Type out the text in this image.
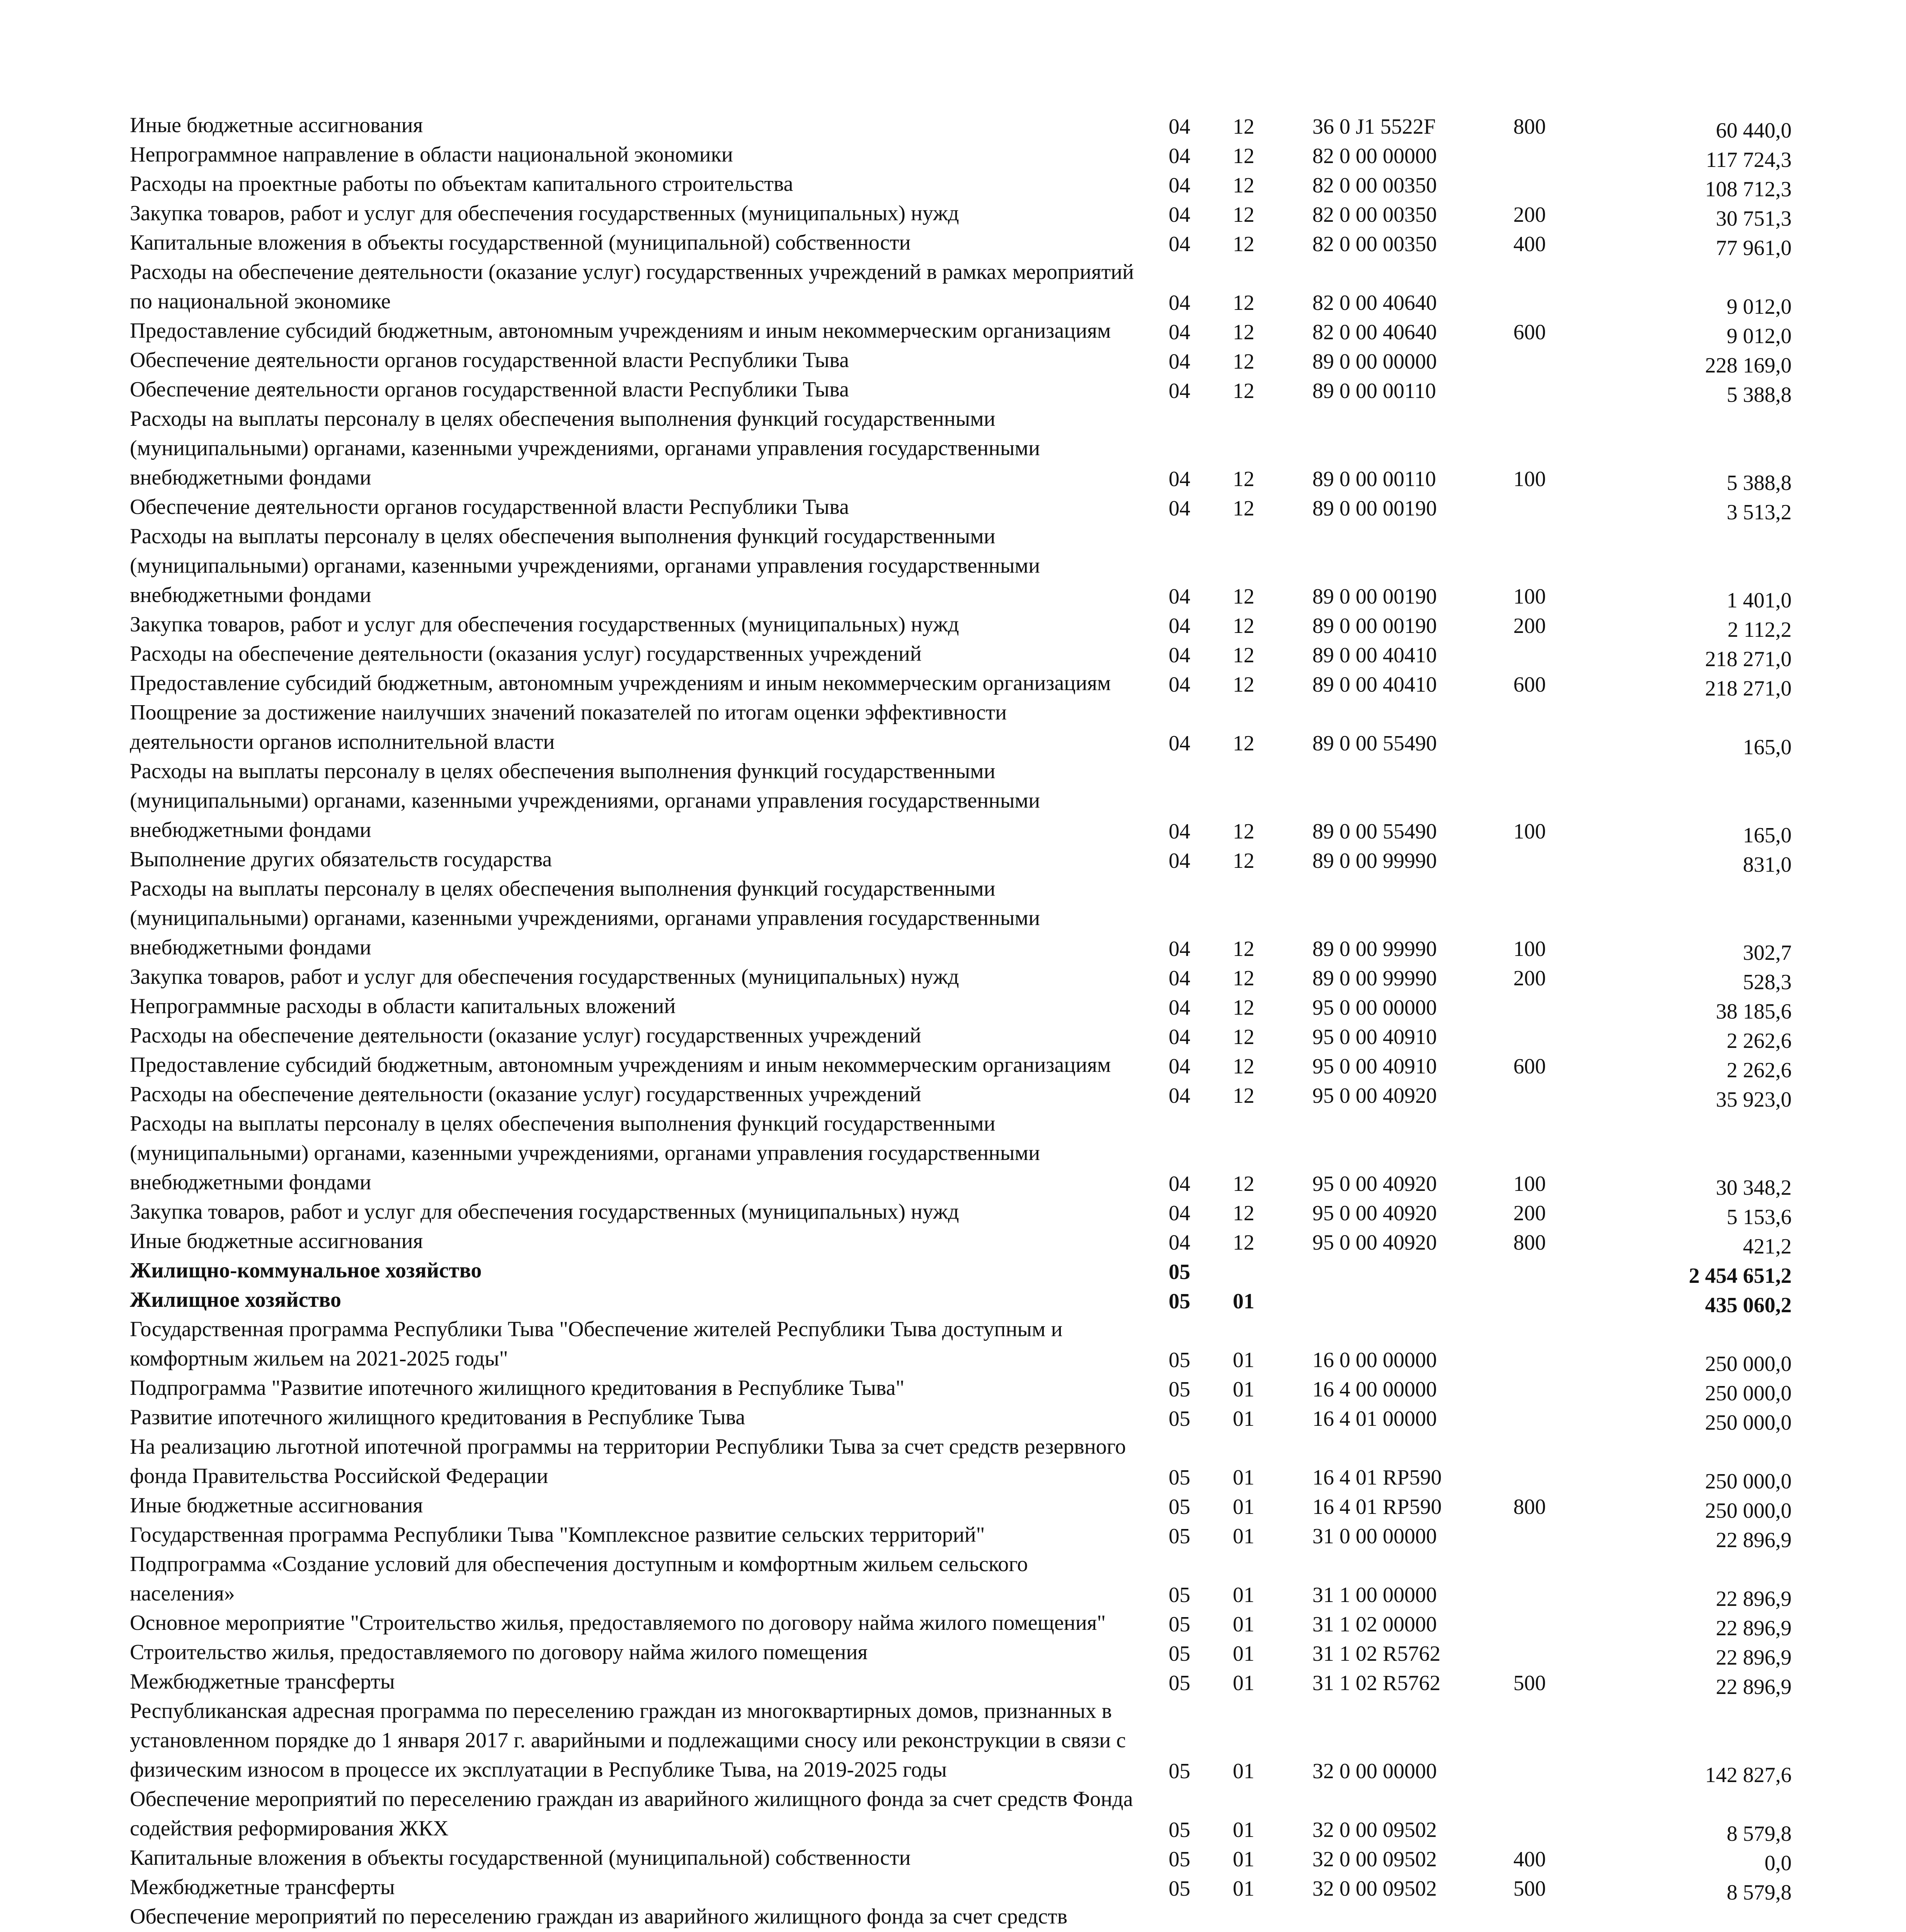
Иные бюджетные ассигнования	04 12	36 0 J1 5522F	800	60 440,0
Непрограммное направление в области национальной экономики	04 12	82 0 00 00000	117 724,3
Расходы на проектные работы по объектам капитального строительства	04 12	82 0 00 00350	108 712,3
Закупка товаров, работ и услуг для обеспечения государственных (муниципальных) нужд	04 12	82 0 00 00350	200	30 751,3
Капитальные вложения в объекты государственной (муниципальной) собственности	04 12	82 0 00 00350	400	77 961,0
Расходы на обеспечение деятельности (оказание услуг) государственных учреждений в рамках мероприятий по национальной экономике	04 12	82 0 00 40640	9 012,0
Предоставление субсидий бюджетным, автономным учреждениям и иным некоммерческим организациям	04 12	82 0 00 40640	600	9 012,0
Обеспечение деятельности органов государственной власти Республики Тыва	04 12	89 0 00 00000	228 169,0
Обеспечение деятельности органов государственной власти Республики Тыва	04 12	89 0 00 00110	5 388,8
Расходы на выплаты персоналу в целях обеспечения выполнения функций государственными (муниципальными) органами, казенными учреждениями, органами управления государственными внебюджетными фондами	04 12	89 0 00 00110	100	5 388,8
Обеспечение деятельности органов государственной власти Республики Тыва	04 12	89 0 00 00190	3 513,2
Расходы на выплаты персоналу в целях обеспечения выполнения функций государственными (муниципальными) органами, казенными учреждениями, органами управления государственными внебюджетными фондами	04 12	89 0 00 00190	100	1 401,0
Закупка товаров, работ и услуг для обеспечения государственных (муниципальных) нужд	04 12	89 0 00 00190	200	2 112,2
Расходы на обеспечение деятельности (оказания услуг) государственных учреждений	04 12	89 0 00 40410	218 271,0
Предоставление субсидий бюджетным, автономным учреждениям и иным некоммерческим организациям	04 12	89 0 00 40410	600	218 271,0
Поощрение за достижение наилучших значений показателей по итогам оценки эффективности деятельности органов исполнительной власти	04 12	89 0 00 55490	165,0
Расходы на выплаты персоналу в целях обеспечения выполнения функций государственными (муниципальными) органами, казенными учреждениями, органами управления государственными внебюджетными фондами	04 12	89 0 00 55490	100	165,0
Выполнение других обязательств государства	04 12	89 0 00 99990	831,0
Расходы на выплаты персоналу в целях обеспечения выполнения функций государственными (муниципальными) органами, казенными учреждениями, органами управления государственными внебюджетными фондами	04 12	89 0 00 99990	100	302,7
Закупка товаров, работ и услуг для обеспечения государственных (муниципальных) нужд	04 12	89 0 00 99990	200	528,3
Непрограммные расходы в области капитальных вложений	04 12	95 0 00 00000	38 185,6
Расходы на обеспечение деятельности (оказание услуг) государственных учреждений	04 12	95 0 00 40910	2 262,6
Предоставление субсидий бюджетным, автономным учреждениям и иным некоммерческим организациям	04 12	95 0 00 40910	600	2 262,6
Расходы на обеспечение деятельности (оказание услуг) государственных учреждений	04 12	95 0 00 40920	35 923,0
Расходы на выплаты персоналу в целях обеспечения выполнения функций государственными (муниципальными) органами, казенными учреждениями, органами управления государственными внебюджетными фондами	04 12	95 0 00 40920	100	30 348,2
Закупка товаров, работ и услуг для обеспечения государственных (муниципальных) нужд	04 12	95 0 00 40920	200	5 153,6
Иные бюджетные ассигнования	04 12	95 0 00 40920	800	421,2
Жилищно-коммунальное хозяйство	05	2 454 651,2
Жилищное хозяйство	05 01	435 060,2
Государственная программа Республики Тыва "Обеспечение жителей Республики Тыва доступным и комфортным жильем на 2021-2025 годы"	05 01	16 0 00 00000	250 000,0
Подпрограмма "Развитие ипотечного жилищного кредитования в Республике Тыва"	05 01	16 4 00 00000	250 000,0
Развитие ипотечного жилищного кредитования в Республике Тыва	05 01	16 4 01 00000	250 000,0
На реализацию льготной ипотечной программы на территории Республики Тыва за счет средств резервного фонда Правительства Российской Федерации	05 01	16 4 01 RP590	250 000,0
Иные бюджетные ассигнования	05 01	16 4 01 RP590	800	250 000,0
Государственная программа Республики Тыва "Комплексное развитие сельских территорий"	05 01	31 0 00 00000	22 896,9
Подпрограмма «Создание условий для обеспечения доступным и комфортным жильем сельского населения»	05 01	31 1 00 00000	22 896,9
Основное мероприятие "Строительство жилья, предоставляемого по договору найма жилого помещения"	05 01	31 1 02 00000	22 896,9
Строительство жилья, предоставляемого по договору найма жилого помещения	05 01	31 1 02 R5762	22 896,9
Межбюджетные трансферты	05 01	31 1 02 R5762	500	22 896,9
Республиканская адресная программа по переселению граждан из многоквартирных домов, признанных в установленном порядке до 1 января 2017 г. аварийными и подлежащими сносу или реконструкции в связи с физическим износом в процессе их эксплуатации в Республике Тыва, на 2019-2025 годы	05 01	32 0 00 00000	142 827,6
Обеспечение мероприятий по переселению граждан из аварийного жилищного фонда за счет средств Фонда содействия реформирования ЖКХ	05 01	32 0 00 09502	8 579,8
Капитальные вложения в объекты государственной (муниципальной) собственности	05 01	32 0 00 09502	400	0,0
Межбюджетные трансферты	05 01	32 0 00 09502	500	8 579,8
Обеспечение мероприятий по переселению граждан из аварийного жилищного фонда за счет средств
